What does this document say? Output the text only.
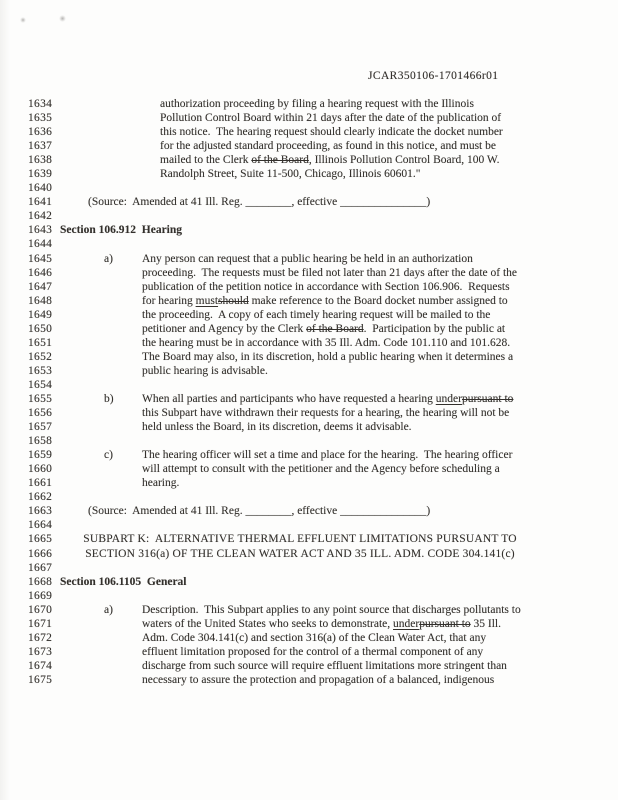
JCAR350106-1701466r01
1634	authorization proceeding by filing a hearing request with the Illinois
1635	Pollution Control Board within 21 days after the date of the publication of
1636	this notice.  The hearing request should clearly indicate the docket number
1637	for the adjusted standard proceeding, as found in this notice, and must be
1638	mailed to the Clerk of the Board, Illinois Pollution Control Board, 100 W.
1639	Randolph Street, Suite 11-500, Chicago, Illinois 60601."
1640
1641	(Source:  Amended at 41 Ill. Reg. ________, effective _______________)
1642
1643 Section 106.912  Hearing
1644
1645	a)	Any person can request that a public hearing be held in an authorization
1646	proceeding.  The requests must be filed not later than 21 days after the date of the
1647	publication of the petition notice in accordance with Section 106.906.  Requests
1648	for hearing mustshould make reference to the Board docket number assigned to
1649	the proceeding.  A copy of each timely hearing request will be mailed to the
1650	petitioner and Agency by the Clerk of the Board.  Participation by the public at
1651	the hearing must be in accordance with 35 Ill. Adm. Code 101.110 and 101.628.
1652	The Board may also, in its discretion, hold a public hearing when it determines a
1653	public hearing is advisable.
1654
1655	b) When all parties and participants who have requested a hearing underpursuant to
1656	this Subpart have withdrawn their requests for a hearing, the hearing will not be
1657	held unless the Board, in its discretion, deems it advisable.
1658
1659	c)	The hearing officer will set a time and place for the hearing.  The hearing officer
1660	will attempt to consult with the petitioner and the Agency before scheduling a
1661	hearing.
1662
1663	(Source:  Amended at 41 Ill. Reg. ________, effective _______________)
1664
1665	SUBPART K:  ALTERNATIVE THERMAL EFFLUENT LIMITATIONS PURSUANT TO
1666	SECTION 316(a) OF THE CLEAN WATER ACT AND 35 ILL. ADM. CODE 304.141(c)
1667
1668 Section 106.1105  General
1669
1670	a)	Description.  This Subpart applies to any point source that discharges pollutants to
1671	waters of the United States who seeks to demonstrate, underpursuant to 35 Ill.
1672	Adm. Code 304.141(c) and section 316(a) of the Clean Water Act, that any
1673	effluent limitation proposed for the control of a thermal component of any
1674	discharge from such source will require effluent limitations more stringent than
1675	necessary to assure the protection and propagation of a balanced, indigenous
